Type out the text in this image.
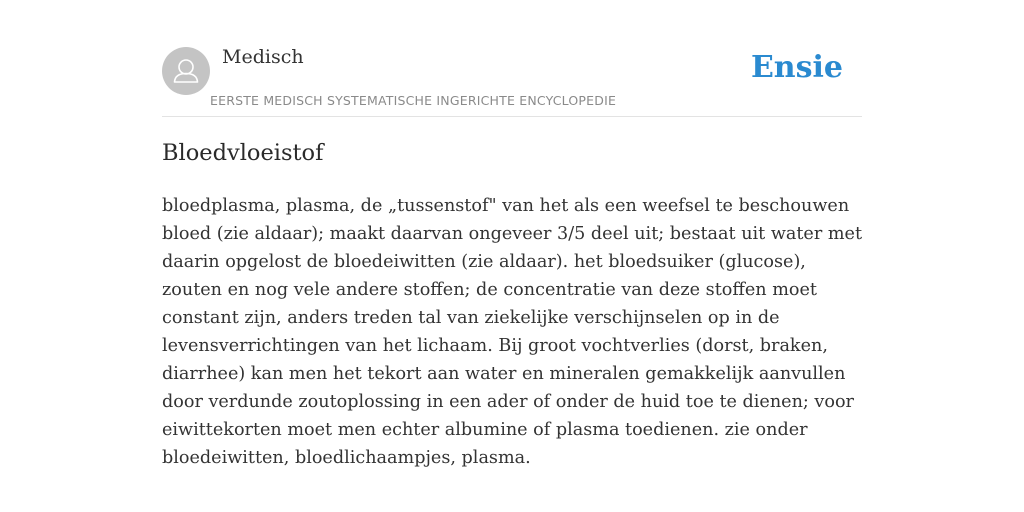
Medisch
EERSTE MEDISCH SYSTEMATISCHE INGERICHTE ENCYCLOPEDIE
Ensie
Bloedvloeistof

bloedplasma, plasma, de „tussenstof" van het als een weefsel te beschouwen bloed (zie aldaar); maakt daarvan ongeveer 3/5 deel uit; bestaat uit water met daarin opgelost de bloedeiwitten (zie aldaar). het bloedsuiker (glucose), zouten en nog vele andere stoffen; de concentratie van deze stoffen moet constant zijn, anders treden tal van ziekelijke verschijnselen op in de levensverrichtingen van het lichaam. Bij groot vochtverlies (dorst, braken, diarrhee) kan men het tekort aan water en mineralen gemakkelijk aanvullen door verdunde zoutoplossing in een ader of onder de huid toe te dienen; voor eiwittekorten moet men echter albumine of plasma toedienen. zie onder bloedeiwitten, bloedlichaampjes, plasma.
